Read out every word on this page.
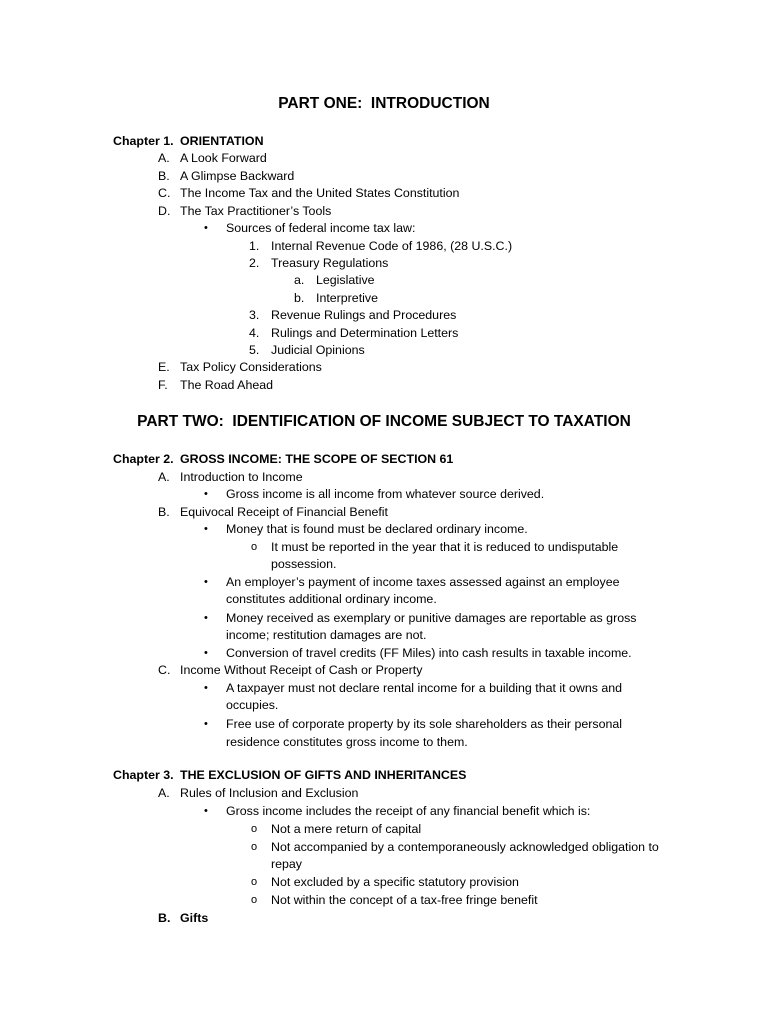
PART ONE:  INTRODUCTION
Chapter 1. ORIENTATION
A. A Look Forward
B. A Glimpse Backward
C. The Income Tax and the United States Constitution
D. The Tax Practitioner’s Tools
• Sources of federal income tax law:
1. Internal Revenue Code of 1986, (28 U.S.C.)
2. Treasury Regulations
a. Legislative
b. Interpretive
3. Revenue Rulings and Procedures
4. Rulings and Determination Letters
5. Judicial Opinions
E. Tax Policy Considerations
F. The Road Ahead
PART TWO:  IDENTIFICATION OF INCOME SUBJECT TO TAXATION
Chapter 2. GROSS INCOME: THE SCOPE OF SECTION 61
A. Introduction to Income
• Gross income is all income from whatever source derived.
B. Equivocal Receipt of Financial Benefit
• Money that is found must be declared ordinary income.
o It must be reported in the year that it is reduced to undisputable
possession.
• An employer’s payment of income taxes assessed against an employee
constitutes additional ordinary income.
• Money received as exemplary or punitive damages are reportable as gross
income; restitution damages are not.
• Conversion of travel credits (FF Miles) into cash results in taxable income.
C. Income Without Receipt of Cash or Property
• A taxpayer must not declare rental income for a building that it owns and
occupies.
• Free use of corporate property by its sole shareholders as their personal
residence constitutes gross income to them.
Chapter 3. THE EXCLUSION OF GIFTS AND INHERITANCES
A. Rules of Inclusion and Exclusion
• Gross income includes the receipt of any financial benefit which is:
o Not a mere return of capital
o Not accompanied by a contemporaneously acknowledged obligation to
repay
o Not excluded by a specific statutory provision
o Not within the concept of a tax-free fringe benefit
B. Gifts
